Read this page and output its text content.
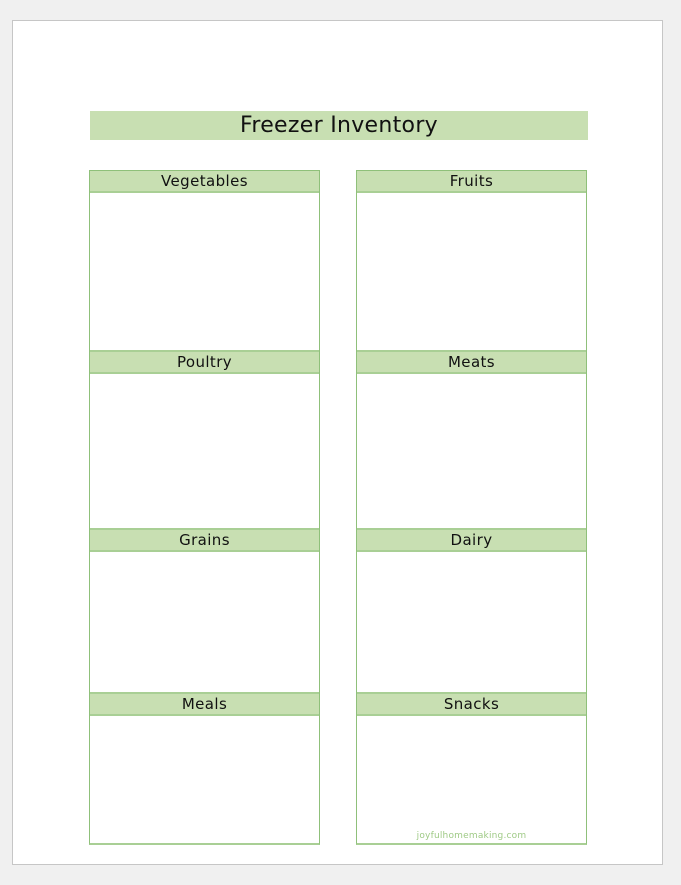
Freezer Inventory
Vegetables
Poultry
Grains
Meals
Fruits
Meats
Dairy
Snacks
joyfulhomemaking.com
